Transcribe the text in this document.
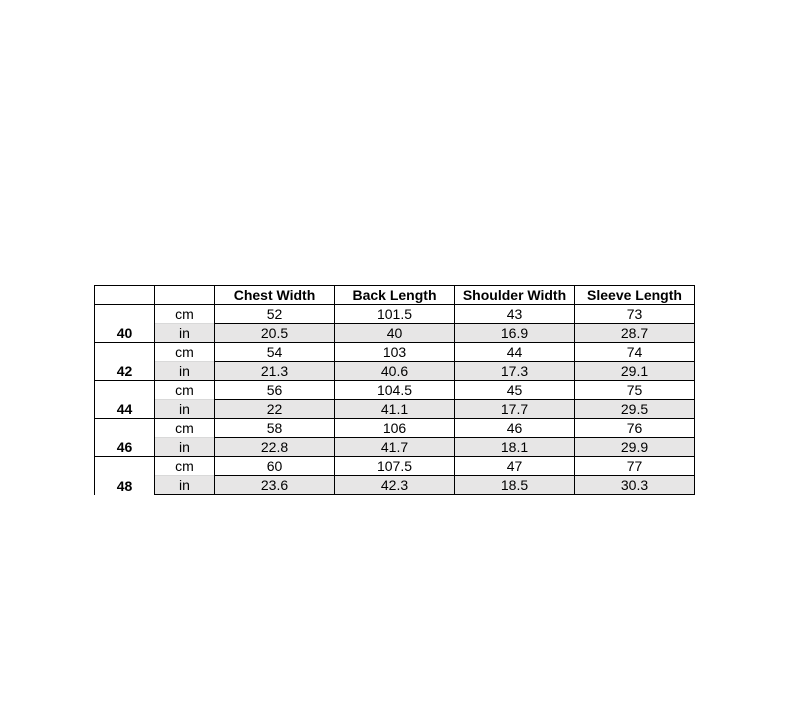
		Chest Width	Back Length	Shoulder Width	Sleeve Length
40	cm	52	101.5	43	73
	in	20.5	40	16.9	28.7
42	cm	54	103	44	74
	in	21.3	40.6	17.3	29.1
44	cm	56	104.5	45	75
	in	22	41.1	17.7	29.5
46	cm	58	106	46	76
	in	22.8	41.7	18.1	29.9
48	cm	60	107.5	47	77
	in	23.6	42.3	18.5	30.3
